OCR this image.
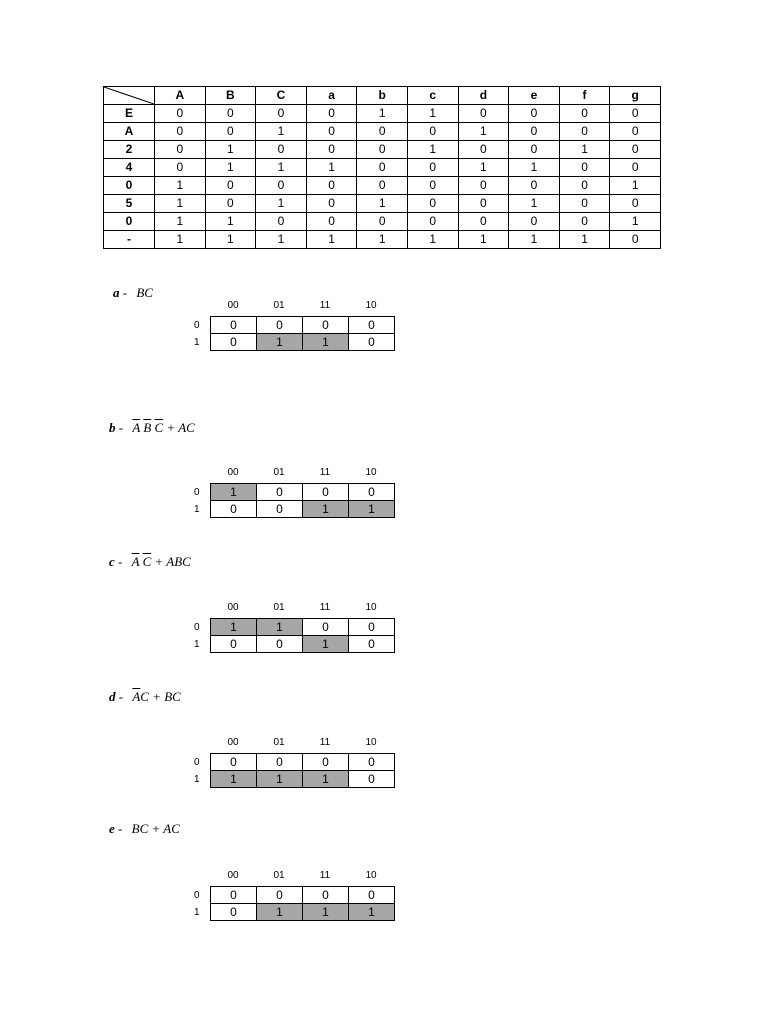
	A	B	C	a	b	c	d	e	f	g
E	0	0	0	0	1	1	0	0	0	0
A	0	0	1	0	0	0	1	0	0	0
2	0	1	0	0	0	1	0	0	1	0
4	0	1	1	1	0	0	1	1	0	0
0	1	0	0	0	0	0	0	0	0	1
5	1	0	1	0	1	0	0	1	0	0
0	1	1	0	0	0	0	0	0	0	1
-	1	1	1	1	1	1	1	1	1	0
a - BC
00	01	11	10
0
1
0	0	0	0
0	1	1	0
b - $\overline{A}$ $\overline{B}$ $\overline{C}$ + AC
00	01	11	10
0
1
1	0	0	0
0	0	1	1
c - $\overline{A}$ $\overline{C}$ + ABC
00	01	11	10
0
1
1	1	0	0
0	0	1	0
d - $\overline{A}C$ + BC
00	01	11	10
0
1
0	0	0	0
1	1	1	0
e - BC + AC
00	01	11	10
0
1
0	0	0	0
0	1	1	1
